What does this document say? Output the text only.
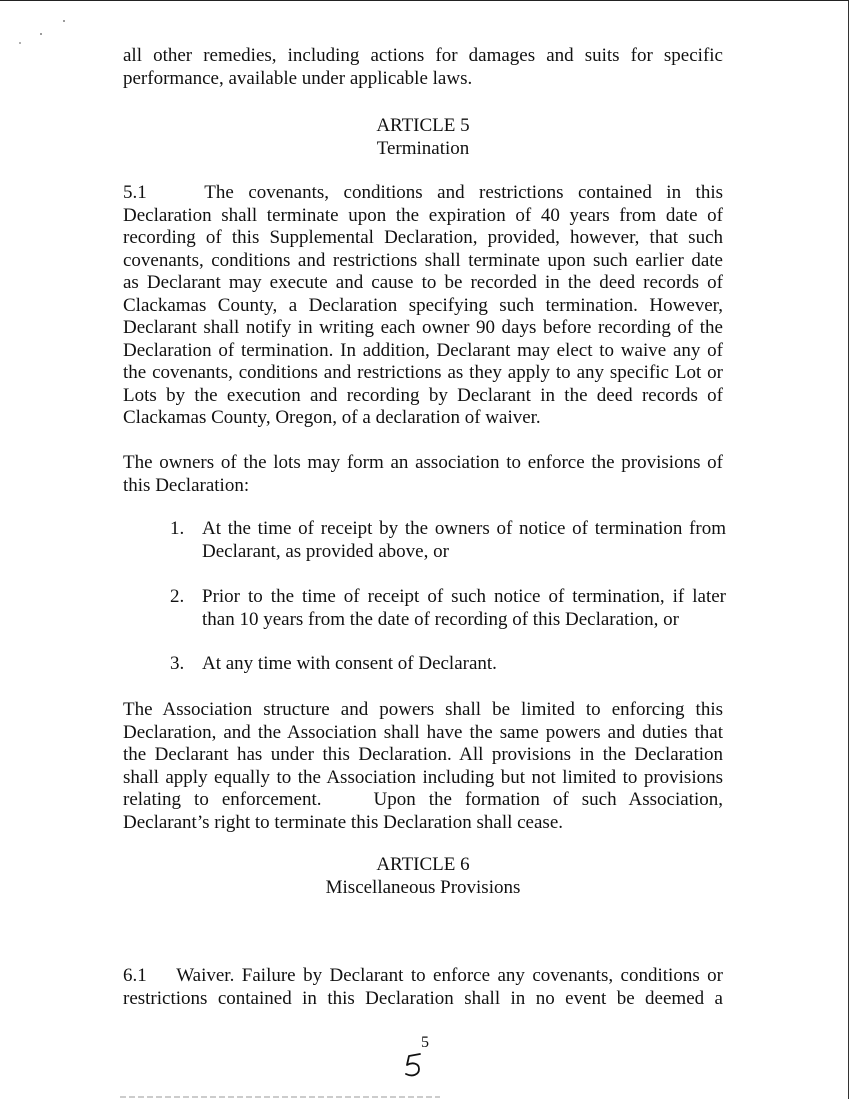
all other remedies, including actions for damages and suits for specific
performance, available under applicable laws.
ARTICLE 5
Termination
5.1    The covenants, conditions and restrictions contained in this
Declaration shall terminate upon the expiration of 40 years from date of
recording of this Supplemental Declaration, provided, however, that such
covenants, conditions and restrictions shall terminate upon such earlier date
as Declarant may execute and cause to be recorded in the deed records of
Clackamas County, a Declaration specifying such termination. However,
Declarant shall notify in writing each owner 90 days before recording of the
Declaration of termination. In addition, Declarant may elect to waive any of
the covenants, conditions and restrictions as they apply to any specific Lot or
Lots by the execution and recording by Declarant in the deed records of
Clackamas County, Oregon, of a declaration of waiver.
The owners of the lots may form an association to enforce the provisions of
this Declaration:
1. At the time of receipt by the owners of notice of termination from
Declarant, as provided above, or
2. Prior to the time of receipt of such notice of termination, if later
than 10 years from the date of recording of this Declaration, or
3. At any time with consent of Declarant.
The Association structure and powers shall be limited to enforcing this
Declaration, and the Association shall have the same powers and duties that
the Declarant has under this Declaration. All provisions in the Declaration
shall apply equally to the Association including but not limited to provisions
relating to enforcement.    Upon the formation of such Association,
Declarant’s right to terminate this Declaration shall cease.
ARTICLE 6
Miscellaneous Provisions
6.1    Waiver. Failure by Declarant to enforce any covenants, conditions or
restrictions contained in this Declaration shall in no event be deemed a
5
